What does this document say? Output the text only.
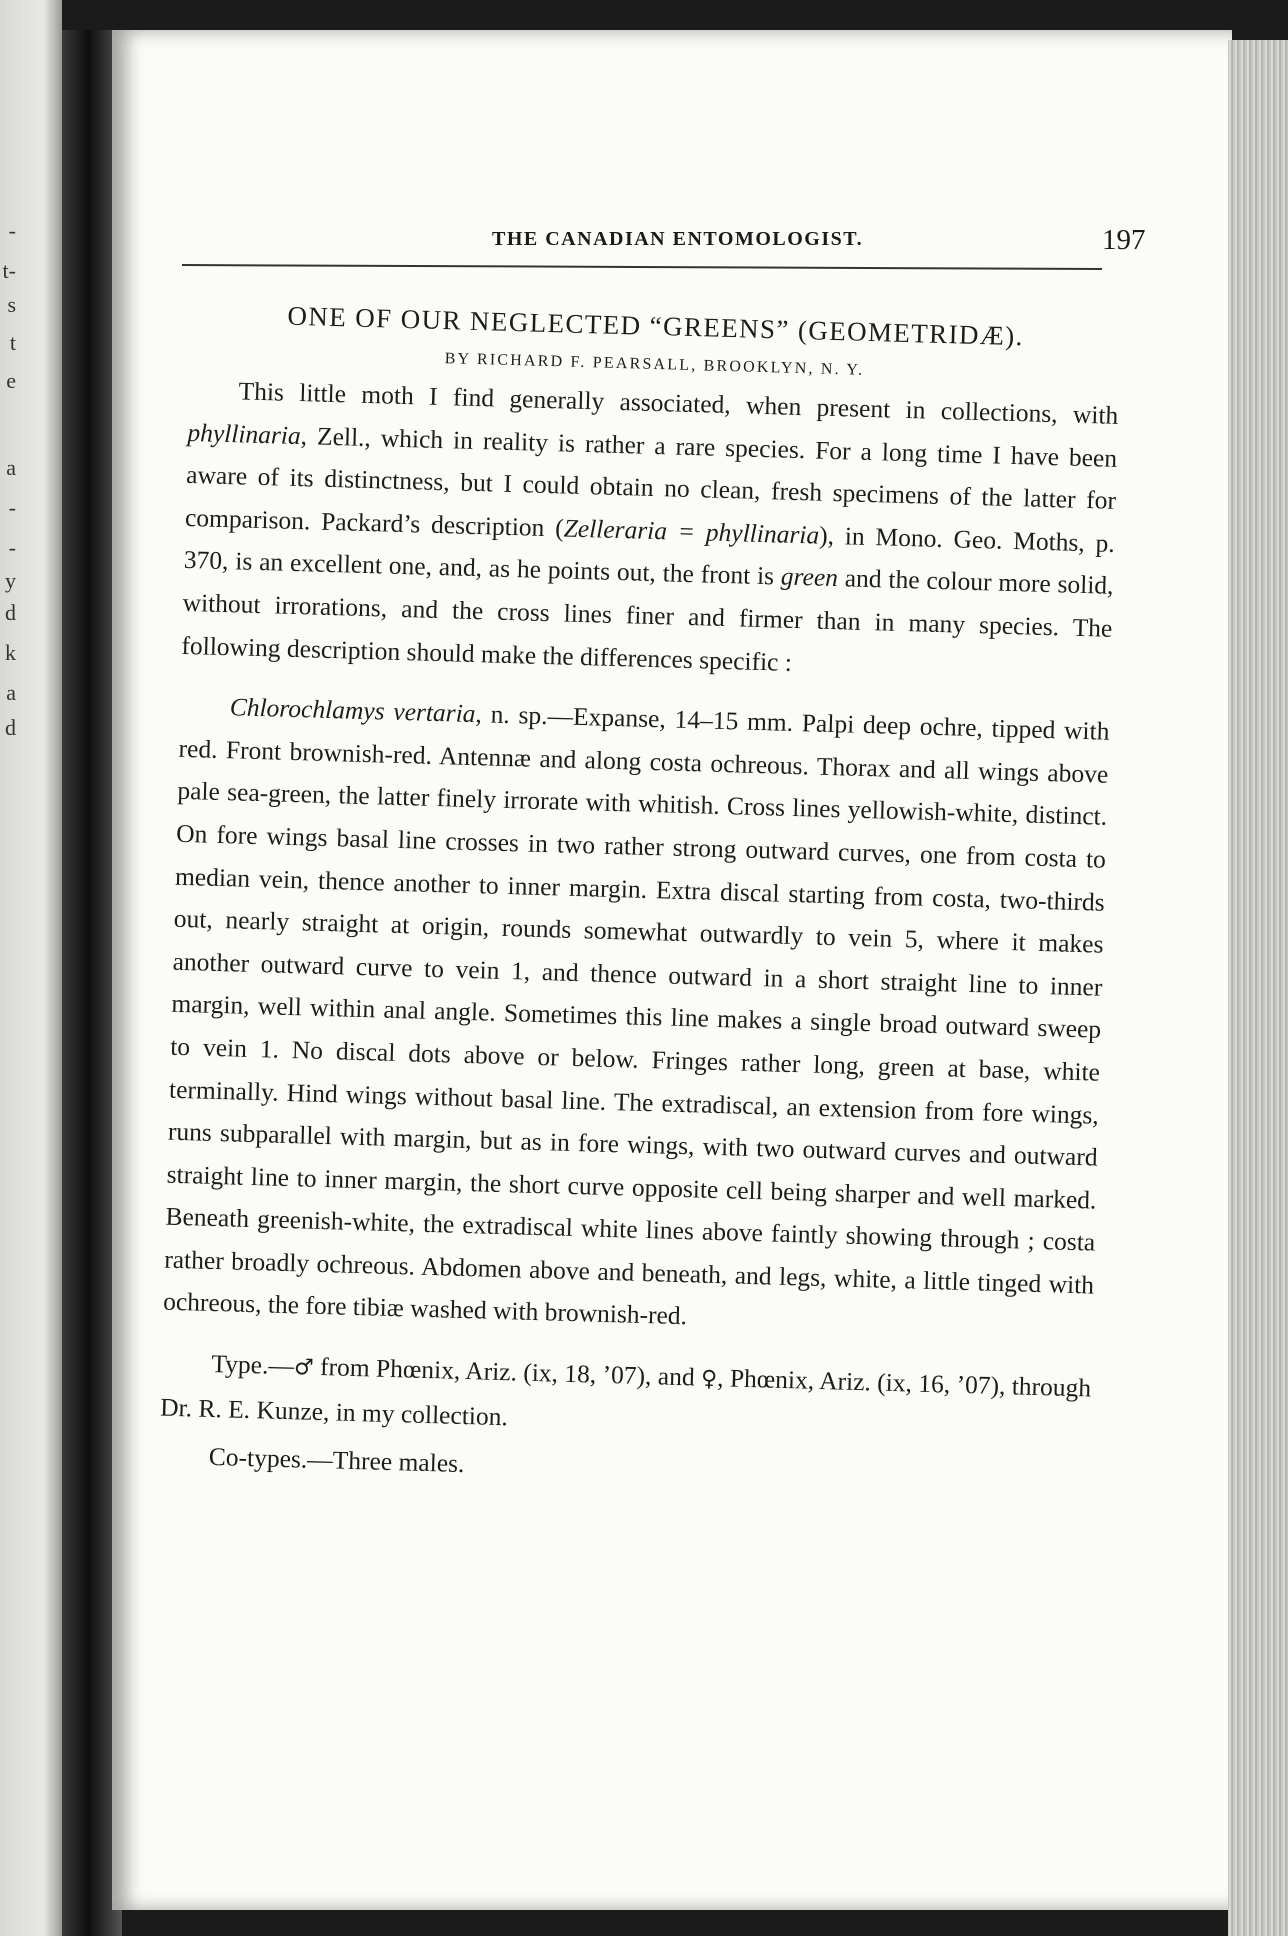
-
t-
s
t
e
a
-
-
y
d
k
a
d
THE CANADIAN ENTOMOLOGIST.	197
ONE OF OUR NEGLECTED “GREENS” (GEOMETRIDÆ).
BY RICHARD F. PEARSALL, BROOKLYN, N. Y.

This little moth I find generally associated, when present in collections, with phyllinaria, Zell., which in reality is rather a rare species. For a long time I have been aware of its distinctness, but I could obtain no clean, fresh specimens of the latter for comparison. Packard’s description (Zelleraria = phyllinaria), in Mono. Geo. Moths, p. 370, is an excellent one, and, as he points out, the front is green and the colour more solid, without irrorations, and the cross lines finer and firmer than in many species. The following description should make the differences specific :

Chlorochlamys vertaria, n. sp.—Expanse, 14–15 mm. Palpi deep ochre, tipped with red. Front brownish-red. Antennæ and along costa ochreous. Thorax and all wings above pale sea-green, the latter finely irrorate with whitish. Cross lines yellowish-white, distinct. On fore wings basal line crosses in two rather strong outward curves, one from costa to median vein, thence another to inner margin. Extra discal starting from costa, two-thirds out, nearly straight at origin, rounds somewhat outwardly to vein 5, where it makes another outward curve to vein 1, and thence outward in a short straight line to inner margin, well within anal angle. Sometimes this line makes a single broad outward sweep to vein 1. No discal dots above or below. Fringes rather long, green at base, white terminally. Hind wings without basal line. The extradiscal, an extension from fore wings, runs subparallel with margin, but as in fore wings, with two outward curves and outward straight line to inner margin, the short curve opposite cell being sharper and well marked. Beneath greenish-white, the extradiscal white lines above faintly showing through ; costa rather broadly ochreous. Abdomen above and beneath, and legs, white, a little tinged with ochreous, the fore tibiæ washed with brownish-red.

Type.—♂ from Phœnix, Ariz. (ix, 18, ’07), and ♀, Phœnix, Ariz. (ix, 16, ’07), through Dr. R. E. Kunze, in my collection.

Co-types.—Three males.
